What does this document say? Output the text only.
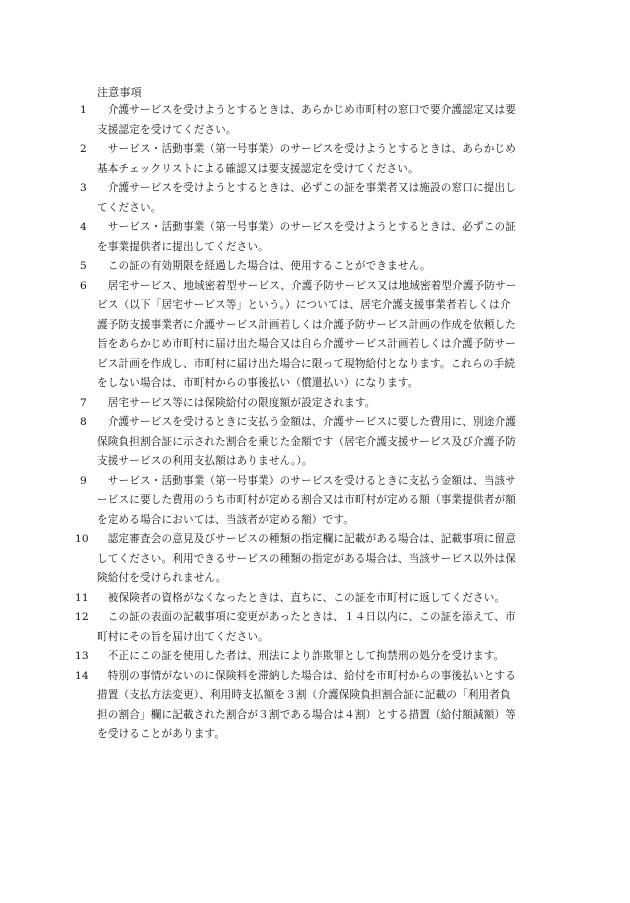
注意事項
1 　介護サービスを受けようとするときは、あらかじめ市町村の窓口で要介護認定又は要
支援認定を受けてください。
2 　サービス・活動事業（第一号事業）のサービスを受けようとするときは、あらかじめ
基本チェックリストによる確認又は要支援認定を受けてください。
3 　介護サービスを受けようとするときは、必ずこの証を事業者又は施設の窓口に提出し
てください。
4 　サービス・活動事業（第一号事業）のサービスを受けようとするときは、必ずこの証
を事業提供者に提出してください。
5 　この証の有効期限を経過した場合は、使用することができません。
6 　居宅サービス、地域密着型サービス、介護予防サービス又は地域密着型介護予防サー
ビス（以下「居宅サービス等」という。）については、居宅介護支援事業者若しくは介
護予防支援事業者に介護サービス計画若しくは介護予防サービス計画の作成を依頼した
旨をあらかじめ市町村に届け出た場合又は自ら介護サービス計画若しくは介護予防サー
ビス計画を作成し、市町村に届け出た場合に限って現物給付となります。これらの手続
をしない場合は、市町村からの事後払い（償還払い）になります。
7 　居宅サービス等には保険給付の限度額が設定されます。
8 　介護サービスを受けるときに支払う金額は、介護サービスに要した費用に、別途介護
保険負担割合証に示された割合を乗じた金額です（居宅介護支援サービス及び介護予防
支援サービスの利用支払額はありません。）。
9 　サービス・活動事業（第一号事業）のサービスを受けるときに支払う金額は、当該サ
ービスに要した費用のうち市町村が定める割合又は市町村が定める額（事業提供者が額
を定める場合においては、当該者が定める額）です。
10 　認定審査会の意見及びサービスの種類の指定欄に記載がある場合は、記載事項に留意
してください。利用できるサービスの種類の指定がある場合は、当該サービス以外は保
険給付を受けられません。
11 　被保険者の資格がなくなったときは、直ちに、この証を市町村に返してください。
12 　この証の表面の記載事項に変更があったときは、１４日以内に、この証を添えて、市
町村にその旨を届け出てください。
13 　不正にこの証を使用した者は、刑法により詐欺罪として拘禁刑の処分を受けます。
14 　特別の事情がないのに保険料を滞納した場合は、給付を市町村からの事後払いとする
措置（支払方法変更）、利用時支払額を３割（介護保険負担割合証に記載の「利用者負
担の割合」欄に記載された割合が３割である場合は４割）とする措置（給付額減額）等
を受けることがあります。
